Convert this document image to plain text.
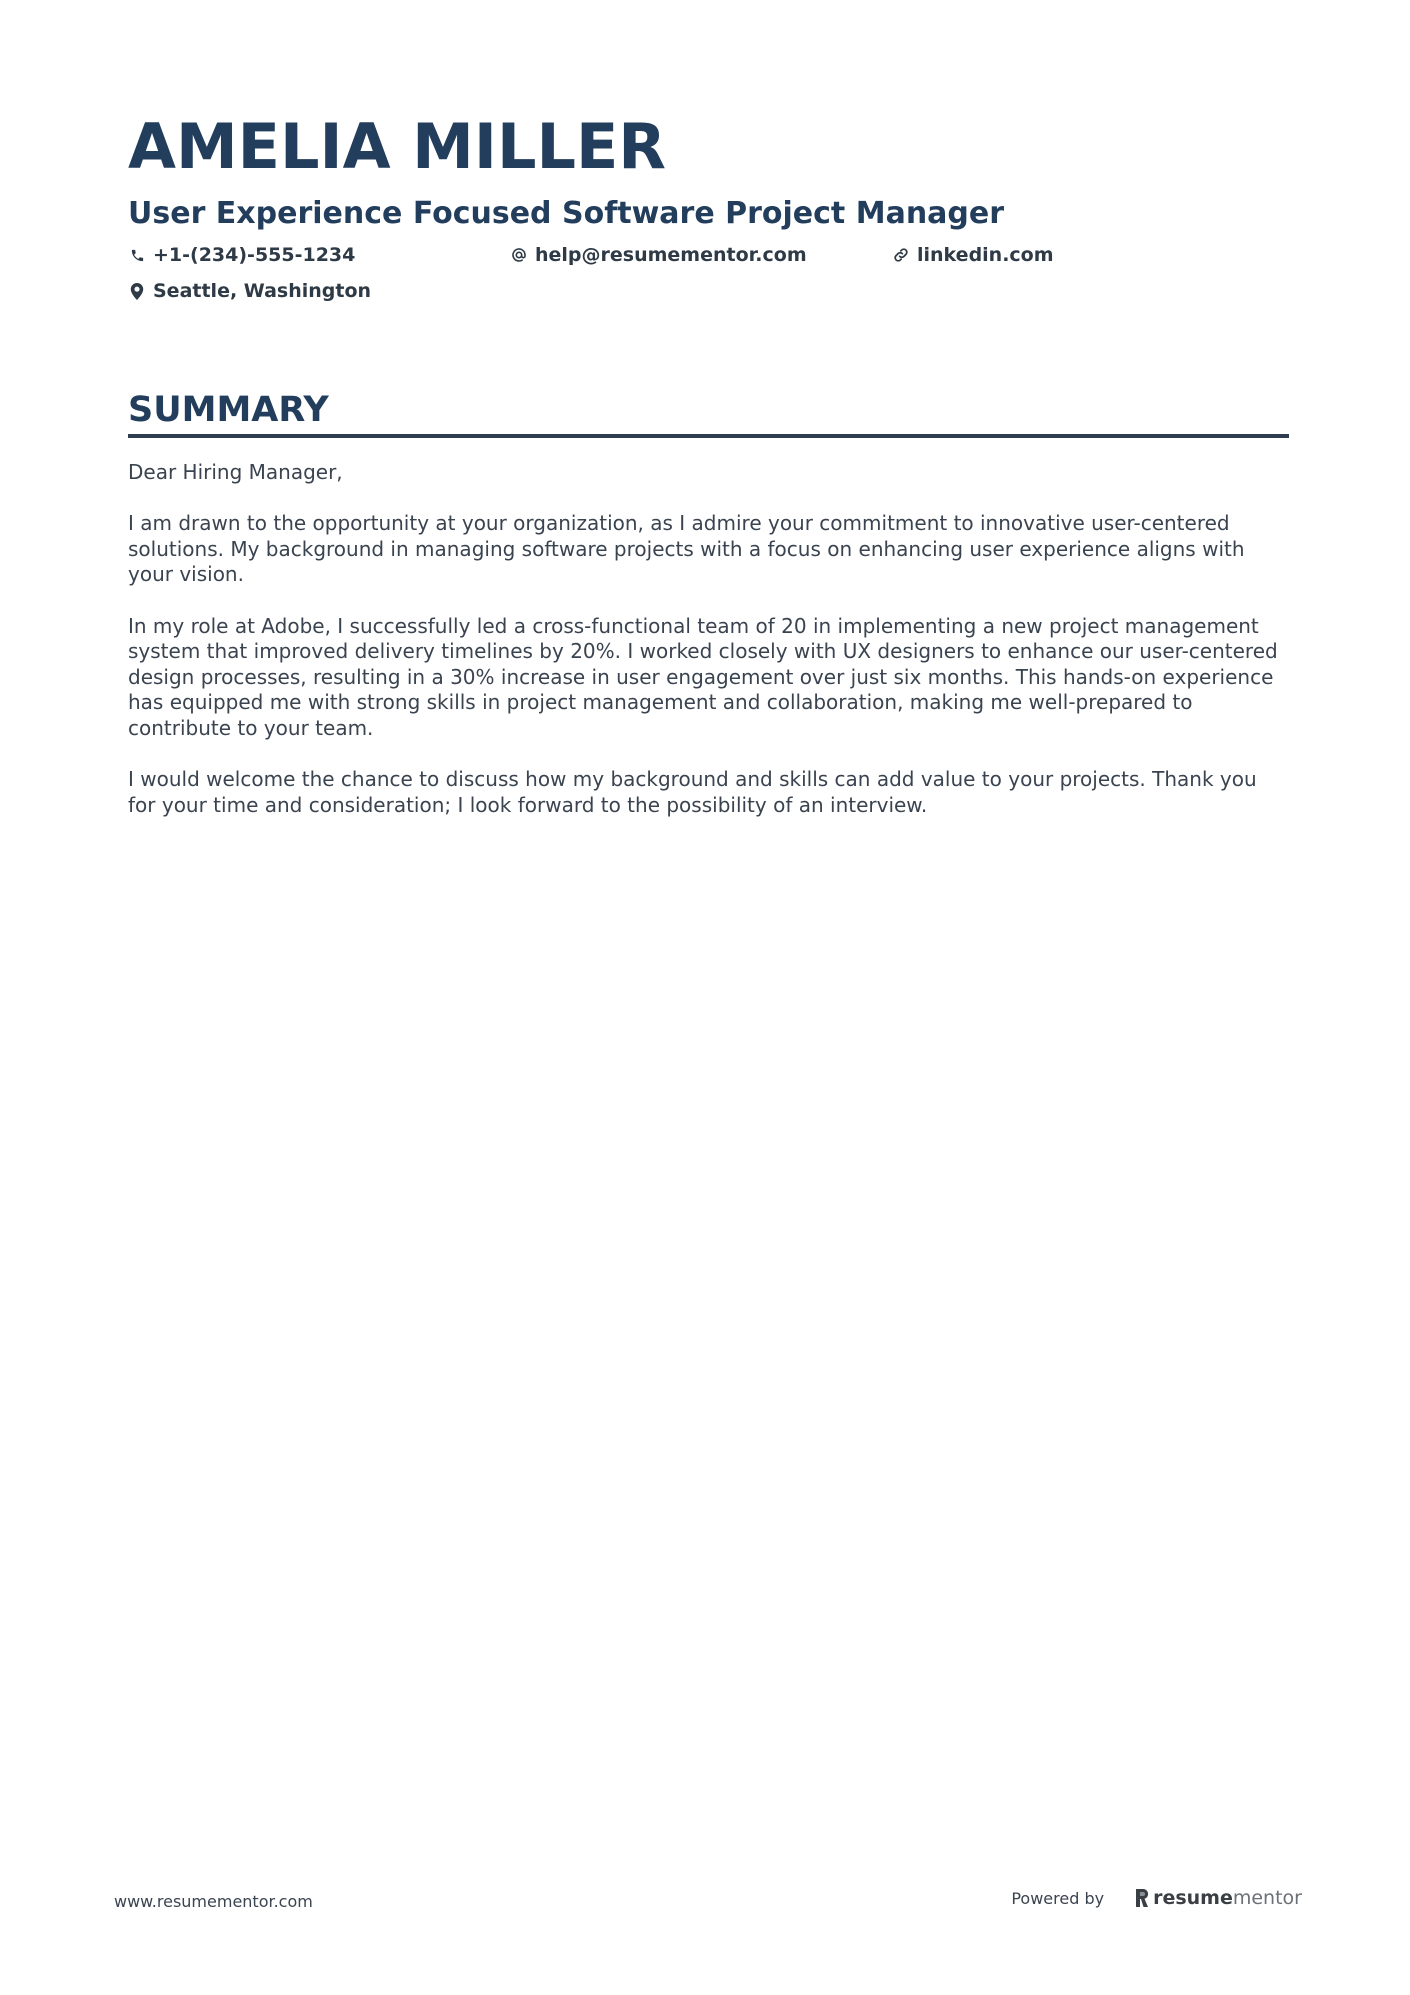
AMELIA MILLER
User Experience Focused Software Project Manager
+1-(234)-555-1234	help@resumementor.com	linkedin.com
Seattle, Washington
SUMMARY

Dear Hiring Manager,

I am drawn to the opportunity at your organization, as I admire your commitment to innovative user-centered solutions. My background in managing software projects with a focus on enhancing user experience aligns with your vision.

In my role at Adobe, I successfully led a cross-functional team of 20 in implementing a new project management system that improved delivery timelines by 20%. I worked closely with UX designers to enhance our user-centered design processes, resulting in a 30% increase in user engagement over just six months. This hands-on experience has equipped me with strong skills in project management and collaboration, making me well-prepared to contribute to your team.

I would welcome the chance to discuss how my background and skills can add value to your projects. Thank you for your time and consideration; I look forward to the possibility of an interview.

www.resumementor.com	Powered by	resume mentor
